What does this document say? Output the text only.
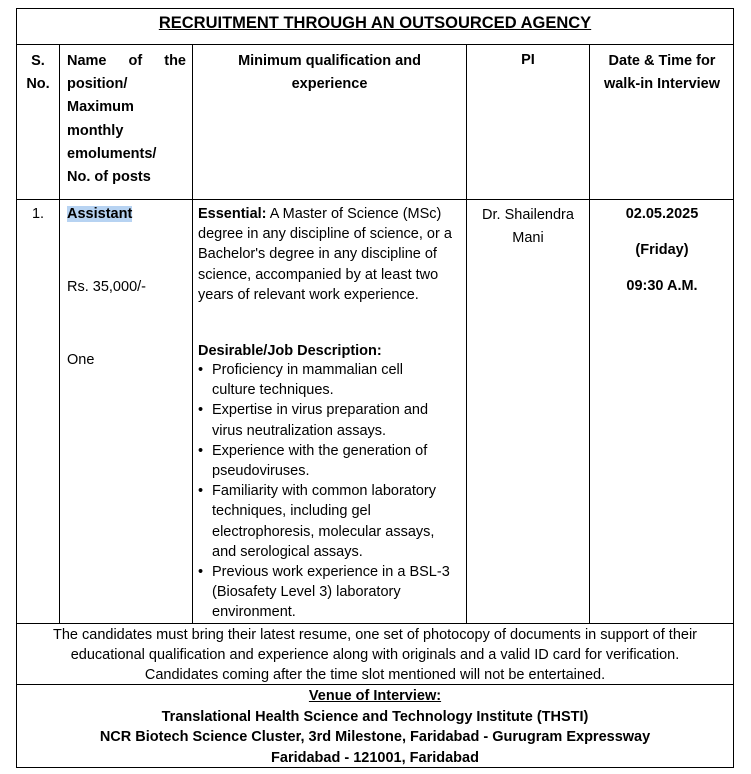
RECRUITMENT THROUGH AN OUTSOURCED AGENCY
S.
No.
Name of the
position/
Maximum
monthly
emoluments/
No. of posts
Minimum qualification and
experience
PI	Date & Time for
walk-in Interview
1.	Assistant
Rs. 35,000/-
One
Essential: A Master of Science (MSc)
degree in any discipline of science, or a
Bachelor's degree in any discipline of
science, accompanied by at least two
years of relevant work experience.
Desirable/Job Description:
• Proficiency in mammalian cell
culture techniques.
• Expertise in virus preparation and
virus neutralization assays.
• Experience with the generation of
pseudoviruses.
• Familiarity with common laboratory
techniques, including gel
electrophoresis, molecular assays,
and serological assays.
• Previous work experience in a BSL-3
(Biosafety Level 3) laboratory
environment.
Dr. Shailendra
Mani
02.05.2025
(Friday)
09:30 A.M.
The candidates must bring their latest resume, one set of photocopy of documents in support of their
educational qualification and experience along with originals and a valid ID card for verification.
Candidates coming after the time slot mentioned will not be entertained.
Venue of Interview:
Translational Health Science and Technology Institute (THSTI)
NCR Biotech Science Cluster, 3rd Milestone, Faridabad - Gurugram Expressway
Faridabad - 121001, Faridabad
